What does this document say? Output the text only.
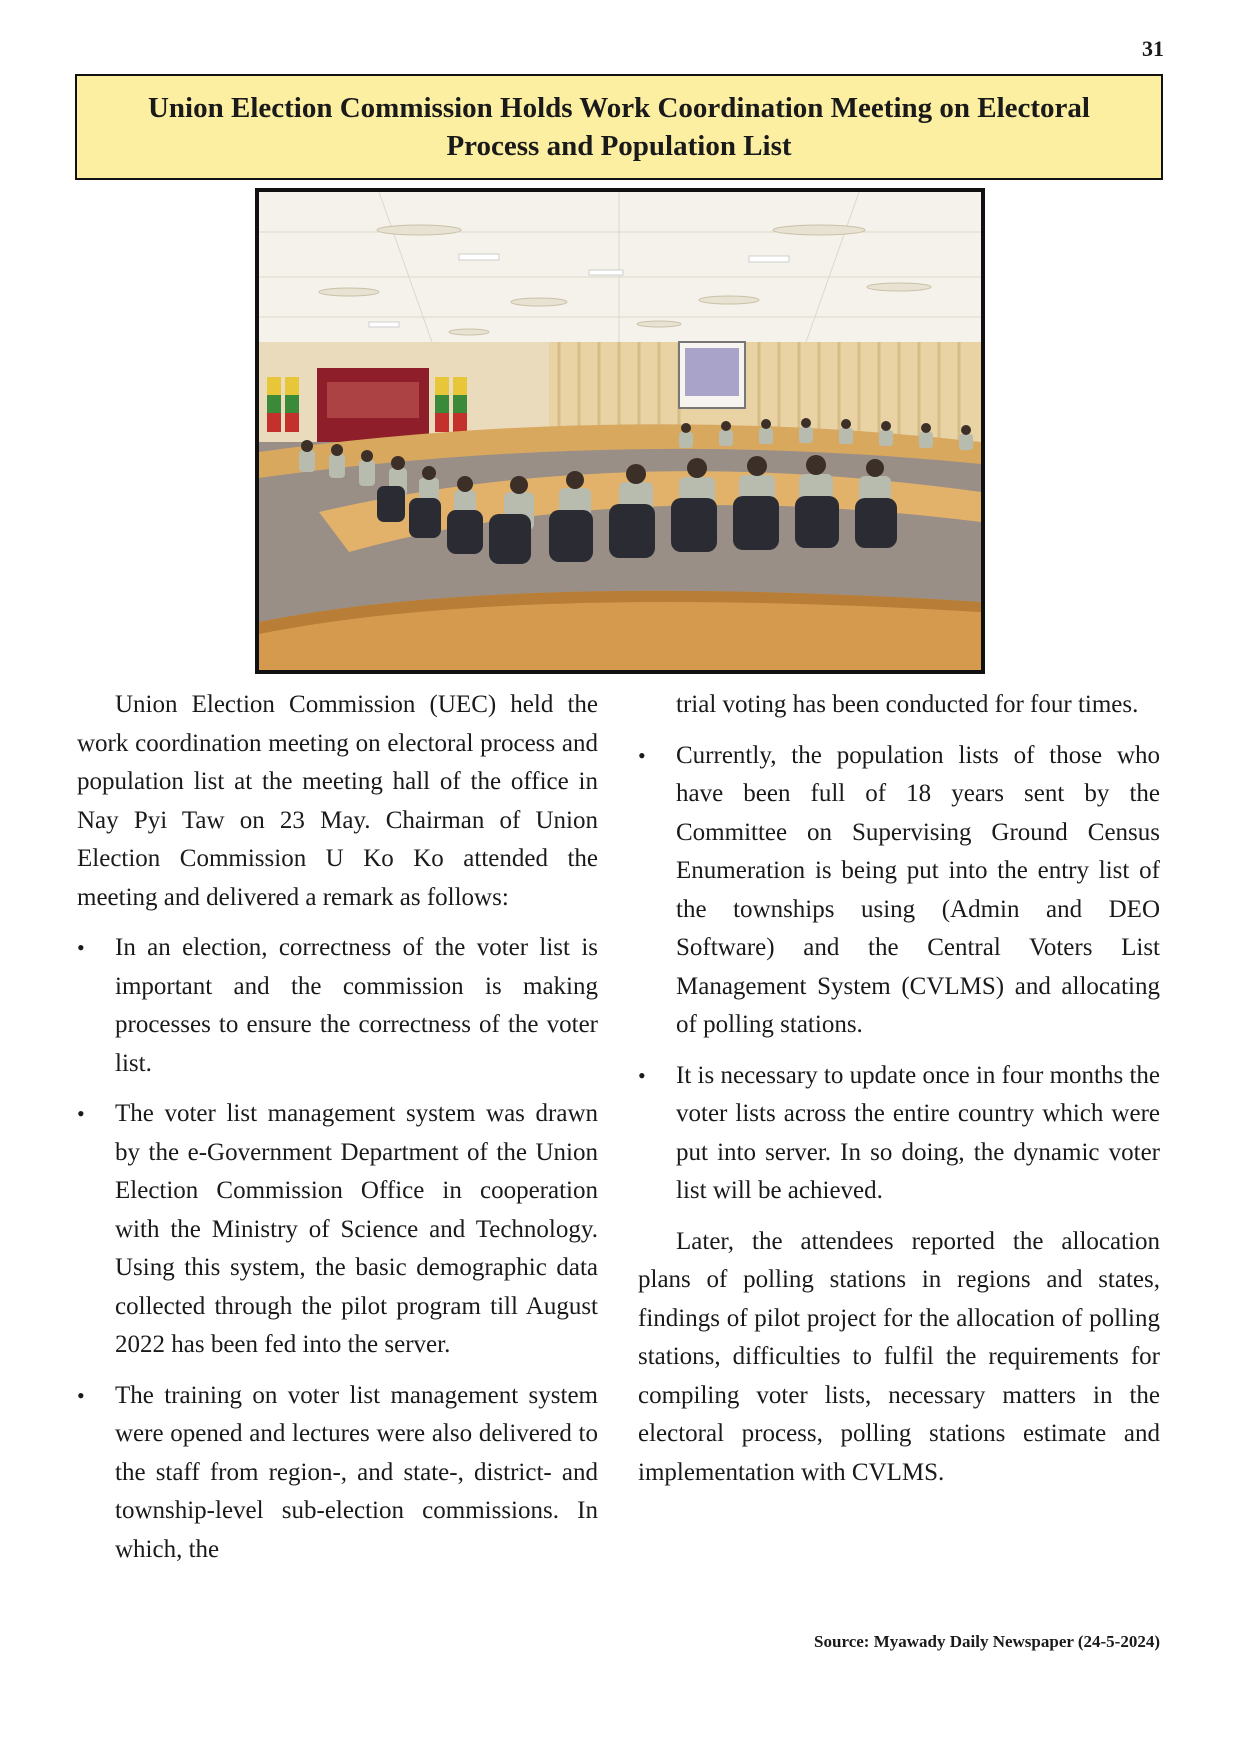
31
Union Election Commission Holds Work Coordination Meeting on Electoral
Process and Population List

Union Election Commission (UEC) held the work coordination meeting on electoral process and population list at the meeting hall of the office in Nay Pyi Taw on 23 May. Chairman of Union Election Commission U Ko Ko attended the meeting and delivered a remark as follows:

• In an election, correctness of the voter list is important and the commission is making processes to ensure the correctness of the voter list.
• The voter list management system was drawn by the e-Government Department of the Union Election Commission Office in cooperation with the Ministry of Science and Technology. Using this system, the basic demographic data collected through the pilot program till August 2022 has been fed into the server.
• The training on voter list management system were opened and lectures were also delivered to the staff from region-, and state-, district- and township-level sub-election commissions. In which, the

trial voting has been conducted for four times.

• Currently, the population lists of those who have been full of 18 years sent by the Committee on Supervising Ground Census Enumeration is being put into the entry list of the townships using (Admin and DEO Software) and the Central Voters List Management System (CVLMS) and allocating of polling stations.
• It is necessary to update once in four months the voter lists across the entire country which were put into server. In so doing, the dynamic voter list will be achieved.

Later, the attendees reported the allocation plans of polling stations in regions and states, findings of pilot project for the allocation of polling stations, difficulties to fulfil the requirements for compiling voter lists, necessary matters in the electoral process, polling stations estimate and implementation with CVLMS.

Source: Myawady Daily Newspaper (24-5-2024)
